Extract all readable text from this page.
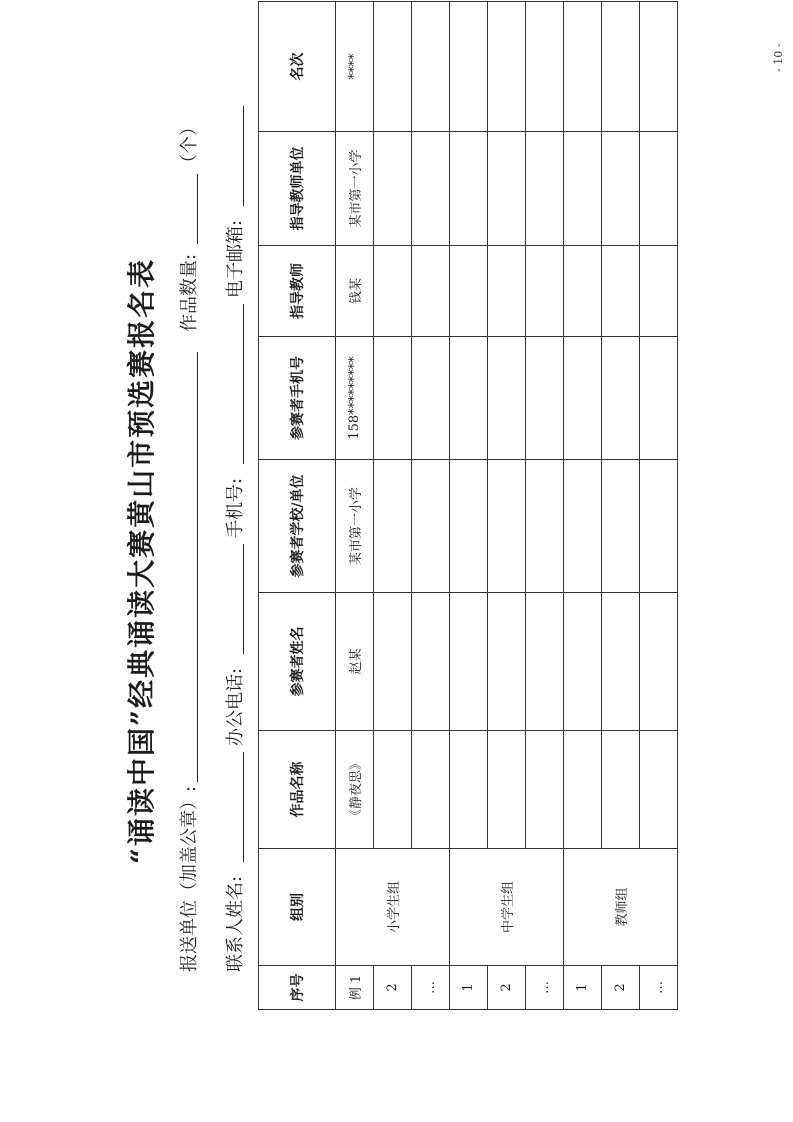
“诵读中国”经典诵读大赛黄山市预选赛报名表
报送单位（加盖公章）:
作品数量:
（个）
联系人姓名:
办公电话:
手机号:
电子邮箱:
序号	组别	作品名称	参赛者姓名	参赛者学校/单位	参赛者手机号	指导教师	指导教师单位	名次
例 1	小学生组	《静夜思》	赵某	某市第一小学	158*********	钱某	某市第一小学	****
2								
…								
1	中学生组							
2								
…								
1	教师组							
2								
…								
- 10 -
